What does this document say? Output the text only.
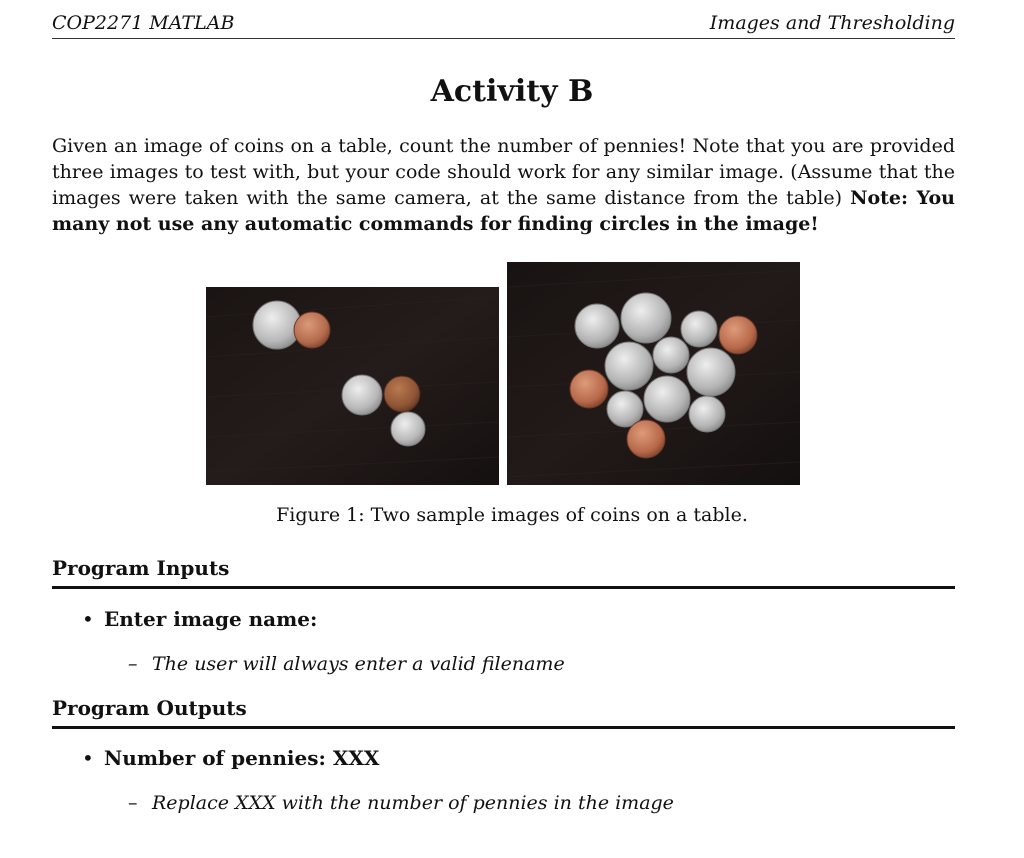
COP2271 MATLAB	Images and Thresholding
Activity B
Given an image of coins on a table, count the number of pennies! Note that you are provided three images to test with, but your code should work for any similar image. (Assume that the images were taken with the same camera, at the same distance from the table) Note: You many not use any automatic commands for finding circles in the image!
Figure 1: Two sample images of coins on a table.
Program Inputs
• Enter image name:
– The user will always enter a valid filename
Program Outputs
• Number of pennies: XXX
– Replace XXX with the number of pennies in the image
